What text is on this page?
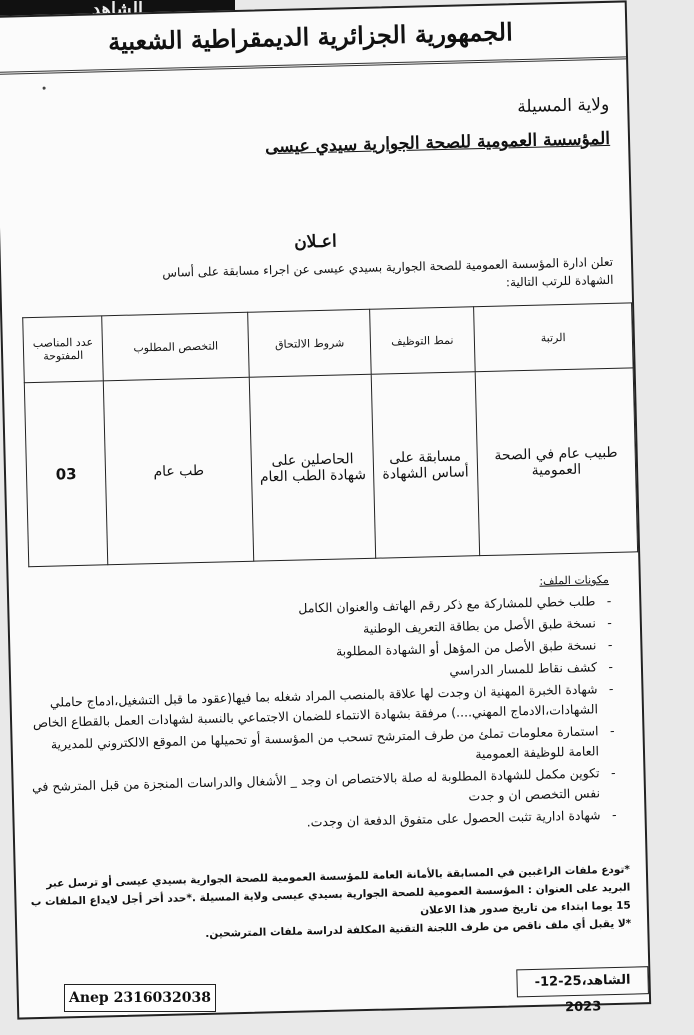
الشاهد
الجمهورية الجزائرية الديمقراطية الشعبية
ولاية المسيلة
المؤسسة العمومية للصحة الجوارية سيدي عيسى
اعـلان
تعلن ادارة المؤسسة العمومية للصحة الجوارية بسيدي عيسى عن اجراء مسابقة على أساس الشهادة للرتب التالية:
الرتبة	نمط التوظيف	شروط الالتحاق	التخصص المطلوب	عدد المناصب المفتوحة
طبيب عام في الصحة العمومية	مسابقة على أساس الشهادة	الحاصلين على شهادة الطب العام	طب عام	03
مكونات الملف:
- طلب خطي للمشاركة مع ذكر رقم الهاتف والعنوان الكامل
- نسخة طبق الأصل من بطاقة التعريف الوطنية
- نسخة طبق الأصل من المؤهل أو الشهادة المطلوبة
- كشف نقاط للمسار الدراسي
- شهادة الخبرة المهنية ان وجدت لها علاقة بالمنصب المراد شغله بما فيها(عقود ما قبل التشغيل،ادماج حاملي الشهادات،الادماج المهني....) مرفقة بشهادة الانتماء للضمان الاجتماعي بالنسبة لشهادات العمل بالقطاع الخاص
- استمارة معلومات تملئ من طرف المترشح تسحب من المؤسسة أو تحميلها من الموقع الالكتروني للمديرية العامة للوظيفة العمومية
- تكوين مكمل للشهادة المطلوبة له صلة بالاختصاص ان وجد _ الأشغال والدراسات المنجزة من قبل المترشح في نفس التخصص ان و جدت
- شهادة ادارية تثبت الحصول على متفوق الدفعة ان وجدت.

*تودع ملفات الراغبين في المسابقة بالأمانة العامة للمؤسسة العمومية للصحة الجوارية بسيدي عيسى أو ترسل عبر البريد على العنوان : المؤسسة العمومية للصحة الجوارية بسيدي عيسى ولاية المسيلة .*حدد أخر أجل لايداع الملفات ب 15 يوما ابتداء من تاريخ صدور هذا الاعلان

*لا يقبل أي ملف ناقص من طرف اللجنة التقنية المكلفة لدراسة ملفات المترشحين.

الشاهد،25-12-2023
Anep 2316032038
